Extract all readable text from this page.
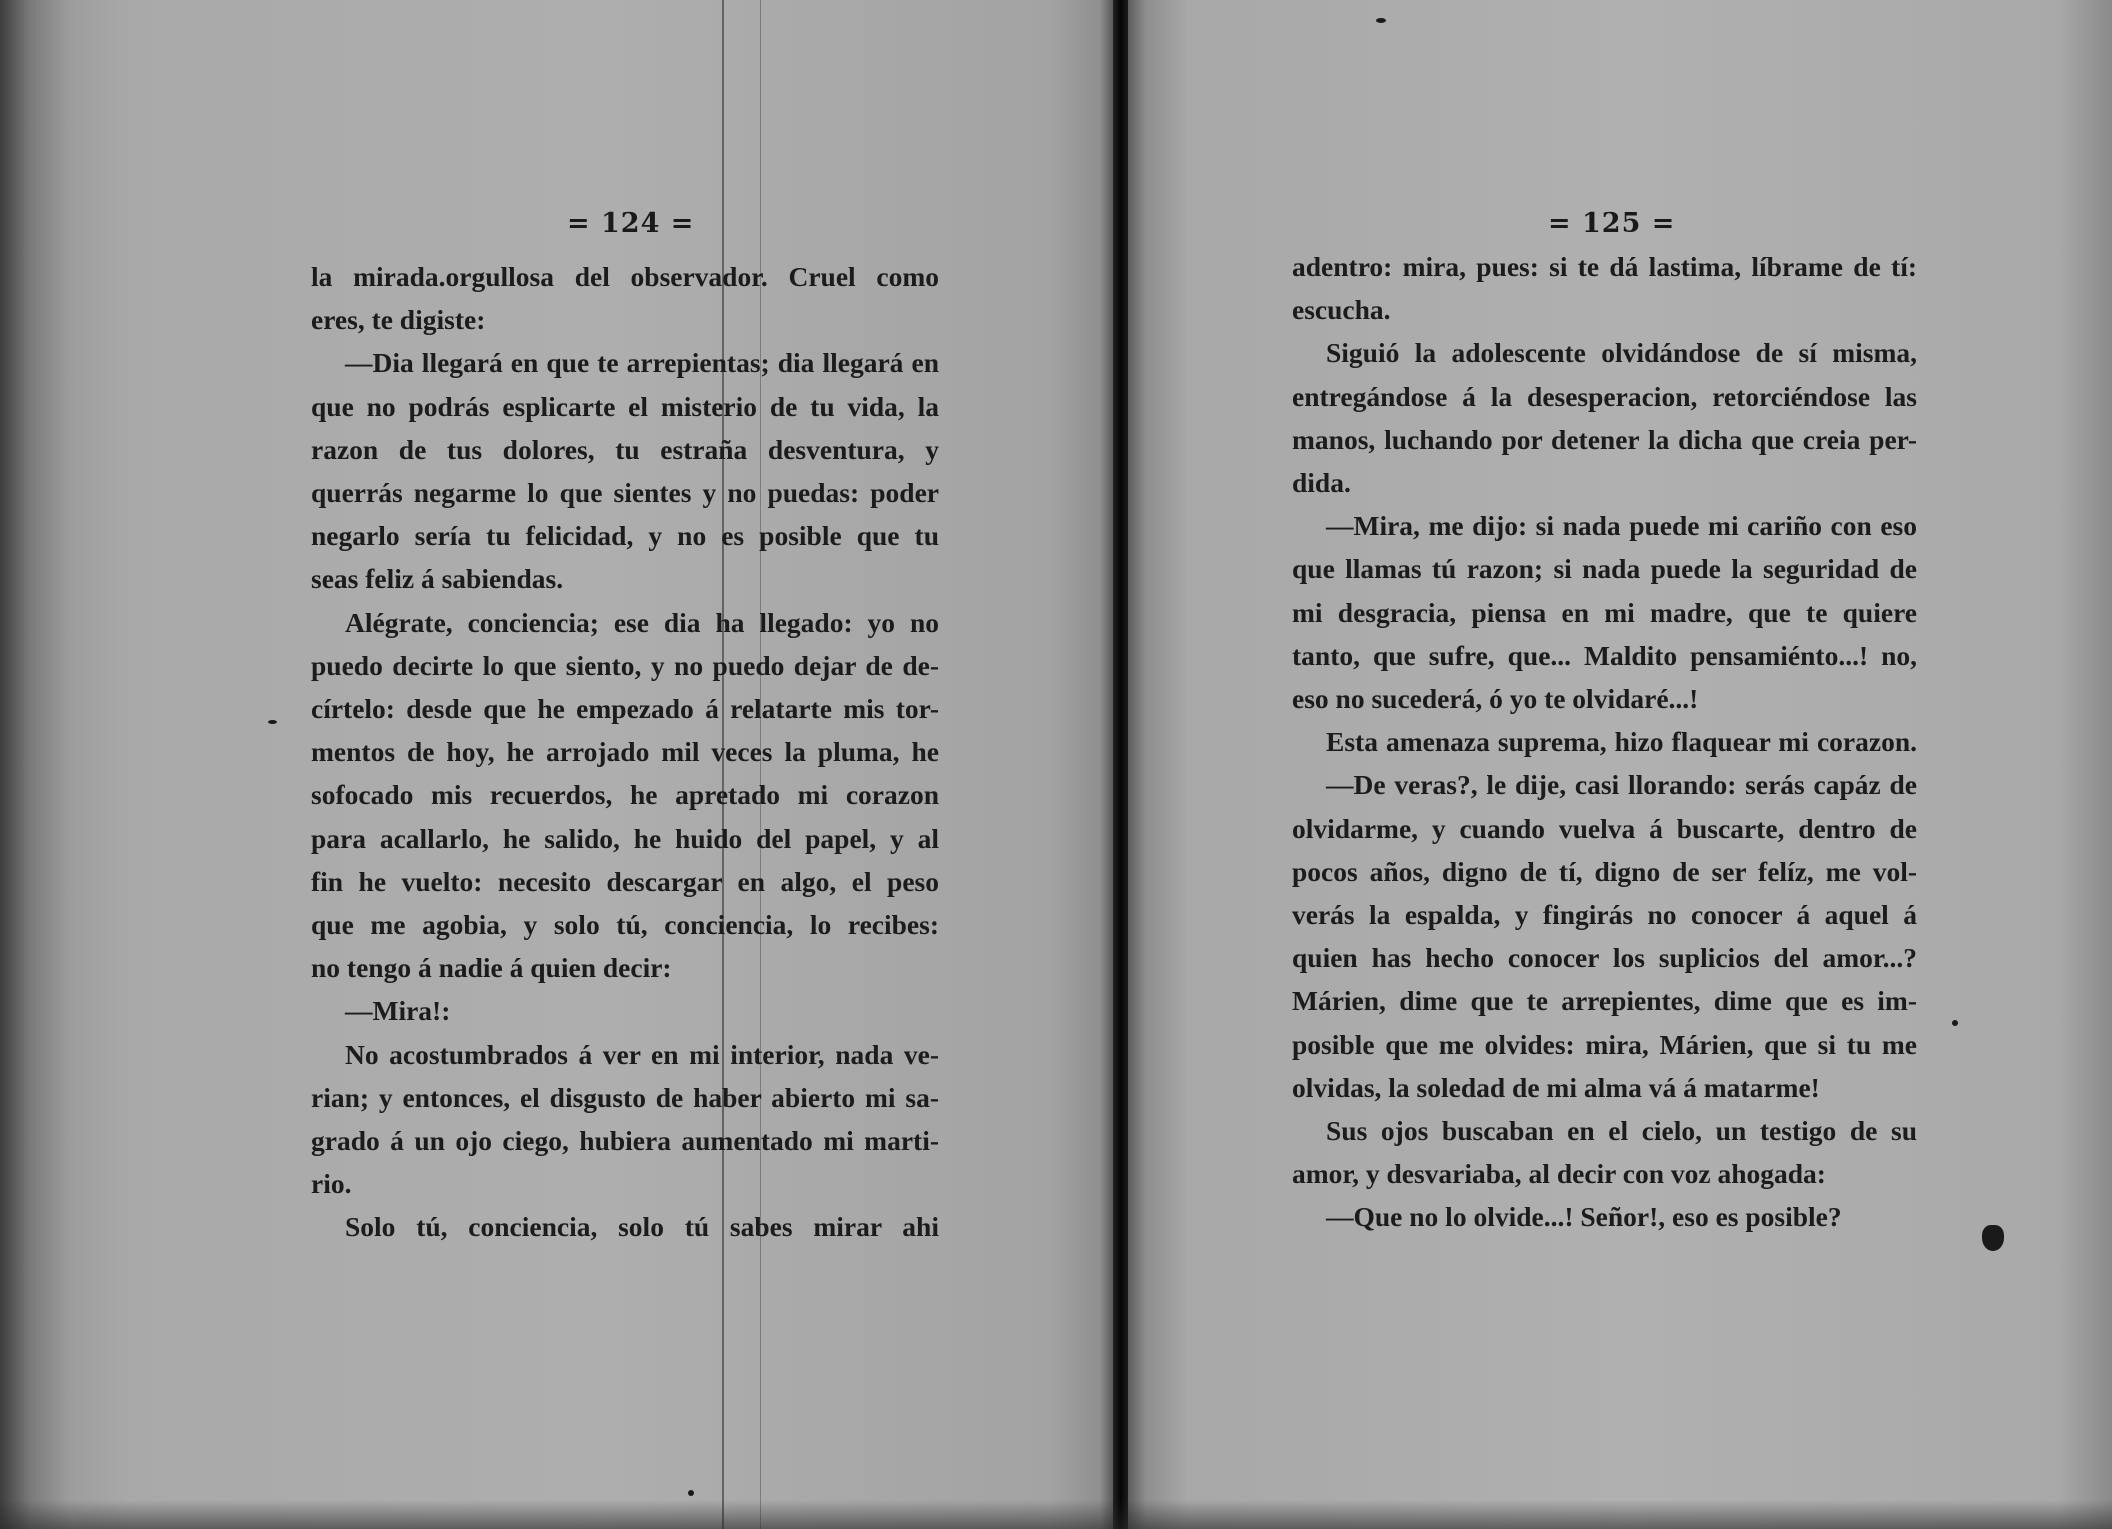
= 124 =
la mirada.orgullosa del observador. Cruel como
eres, te digiste:
—Dia llegará en que te arrepientas; dia llegará en
que no podrás esplicarte el misterio de tu vida, la
razon de tus dolores, tu estraña desventura, y
querrás negarme lo que sientes y no puedas: poder
negarlo sería tu felicidad, y no es posible que tu
seas feliz á sabiendas.
Alégrate, conciencia; ese dia ha llegado: yo no
puedo decirte lo que siento, y no puedo dejar de de-
círtelo: desde que he empezado á relatarte mis tor-
mentos de hoy, he arrojado mil veces la pluma, he
sofocado mis recuerdos, he apretado mi corazon
para acallarlo, he salido, he huido del papel, y al
fin he vuelto: necesito descargar en algo, el peso
que me agobia, y solo tú, conciencia, lo recibes:
no tengo á nadie á quien decir:
—Mira!:
No acostumbrados á ver en mi interior, nada ve-
rian; y entonces, el disgusto de haber abierto mi sa-
grado á un ojo ciego, hubiera aumentado mi marti-
rio.
Solo tú, conciencia, solo tú sabes mirar ahi
= 125 =
adentro: mira, pues: si te dá lastima, líbrame de tí:
escucha.
Siguió la adolescente olvidándose de sí misma,
entregándose á la desesperacion, retorciéndose las
manos, luchando por detener la dicha que creia per-
dida.
—Mira, me dijo: si nada puede mi cariño con eso
que llamas tú razon; si nada puede la seguridad de
mi desgracia, piensa en mi madre, que te quiere
tanto, que sufre, que... Maldito pensamiénto...! no,
eso no sucederá, ó yo te olvidaré...!
Esta amenaza suprema, hizo flaquear mi corazon.
—De veras?, le dije, casi llorando: serás capáz de
olvidarme, y cuando vuelva á buscarte, dentro de
pocos años, digno de tí, digno de ser felíz, me vol-
verás la espalda, y fingirás no conocer á aquel á
quien has hecho conocer los suplicios del amor...?
Márien, dime que te arrepientes, dime que es im-
posible que me olvides: mira, Márien, que si tu me
olvidas, la soledad de mi alma vá á matarme!
Sus ojos buscaban en el cielo, un testigo de su
amor, y desvariaba, al decir con voz ahogada:
—Que no lo olvide...! Señor!, eso es posible?
